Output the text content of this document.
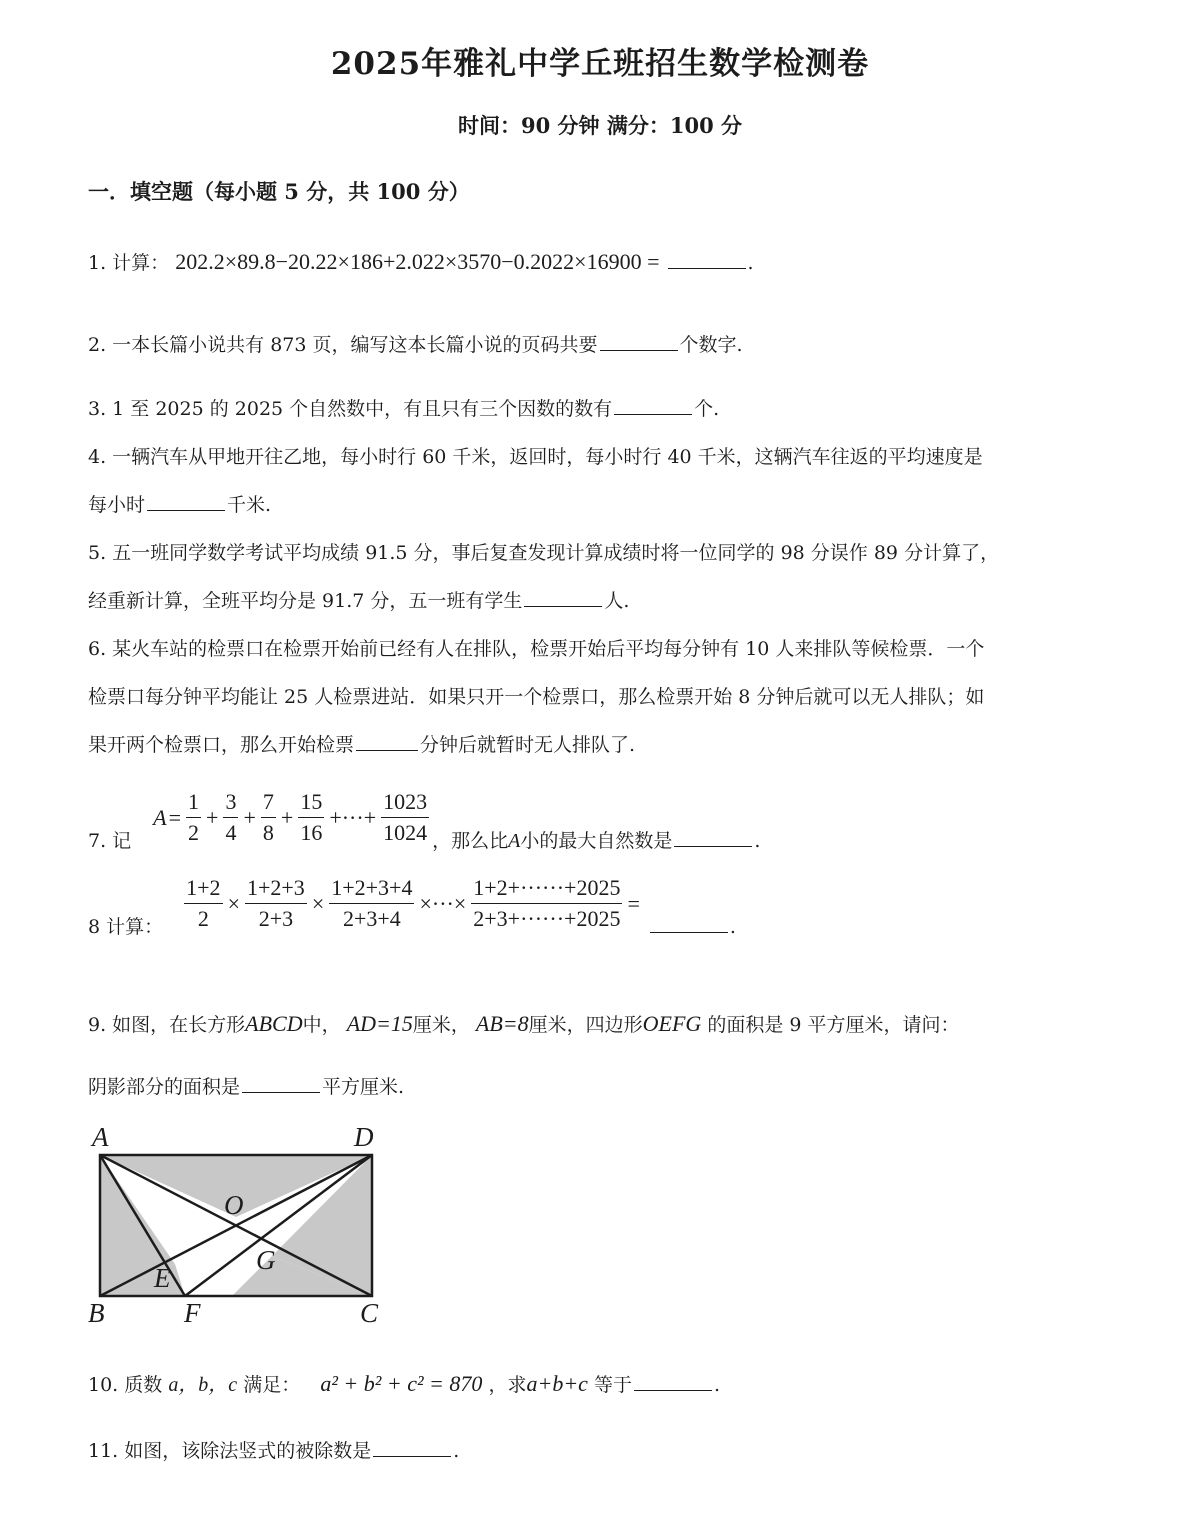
2025年雅礼中学丘班招生数学检测卷
时间：90 分钟 满分：100 分
一．填空题（每小题 5 分，共 100 分）
1. 计算： 202.2×89.8−20.22×186+2.022×3570−0.2022×16900 =	.
2. 一本长篇小说共有 873 页，编写这本长篇小说的页码共要	个数字.
3. 1 至 2025 的 2025 个自然数中，有且只有三个因数的数有	个.
4. 一辆汽车从甲地开往乙地，每小时行 60 千米，返回时，每小时行 40 千米，这辆汽车往返的平均速度是
每小时	千米.
5. 五一班同学数学考试平均成绩 91.5 分，事后复查发现计算成绩时将一位同学的 98 分误作 89 分计算了，
经重新计算，全班平均分是 91.7 分，五一班有学生	人.
6. 某火车站的检票口在检票开始前已经有人在排队，检票开始后平均每分钟有 10 人来排队等候检票．一个
检票口每分钟平均能让 25 人检票进站．如果只开一个检票口，那么检票开始 8 分钟后就可以无人排队；如
果开两个检票口，那么开始检票	分钟后就暂时无人排队了.
7. 记
$A = \frac{1}{2} + \frac{3}{4} + \frac{7}{8} + \frac{15}{16}$ +···+ $\frac{1023}{1024}$ ，那么比A小的最大自然数是	.
8 计算： $\frac{1+2}{2} \times \frac{1+2+3}{2+3} \times \frac{1+2+3+4}{2+3+4}$ ×···× $\frac{1+2+\cdot\cdot\cdot\cdot\cdot\cdot+2025}{2+3+\cdot\cdot\cdot\cdot\cdot\cdot+2025}$ =
.
9. 如图，在长方形ABCD中， AD=15厘米， AB=8厘米，四边形OEFG 的面积是 9 平方厘米，请问：
阴影部分的面积是	平方厘米.
A	D
O
G
E
B	F	C
10. 质数 a，b，c 满足： a² + b² + c² = 870 ，求a+b+c 等于	.
11. 如图，该除法竖式的被除数是	.
